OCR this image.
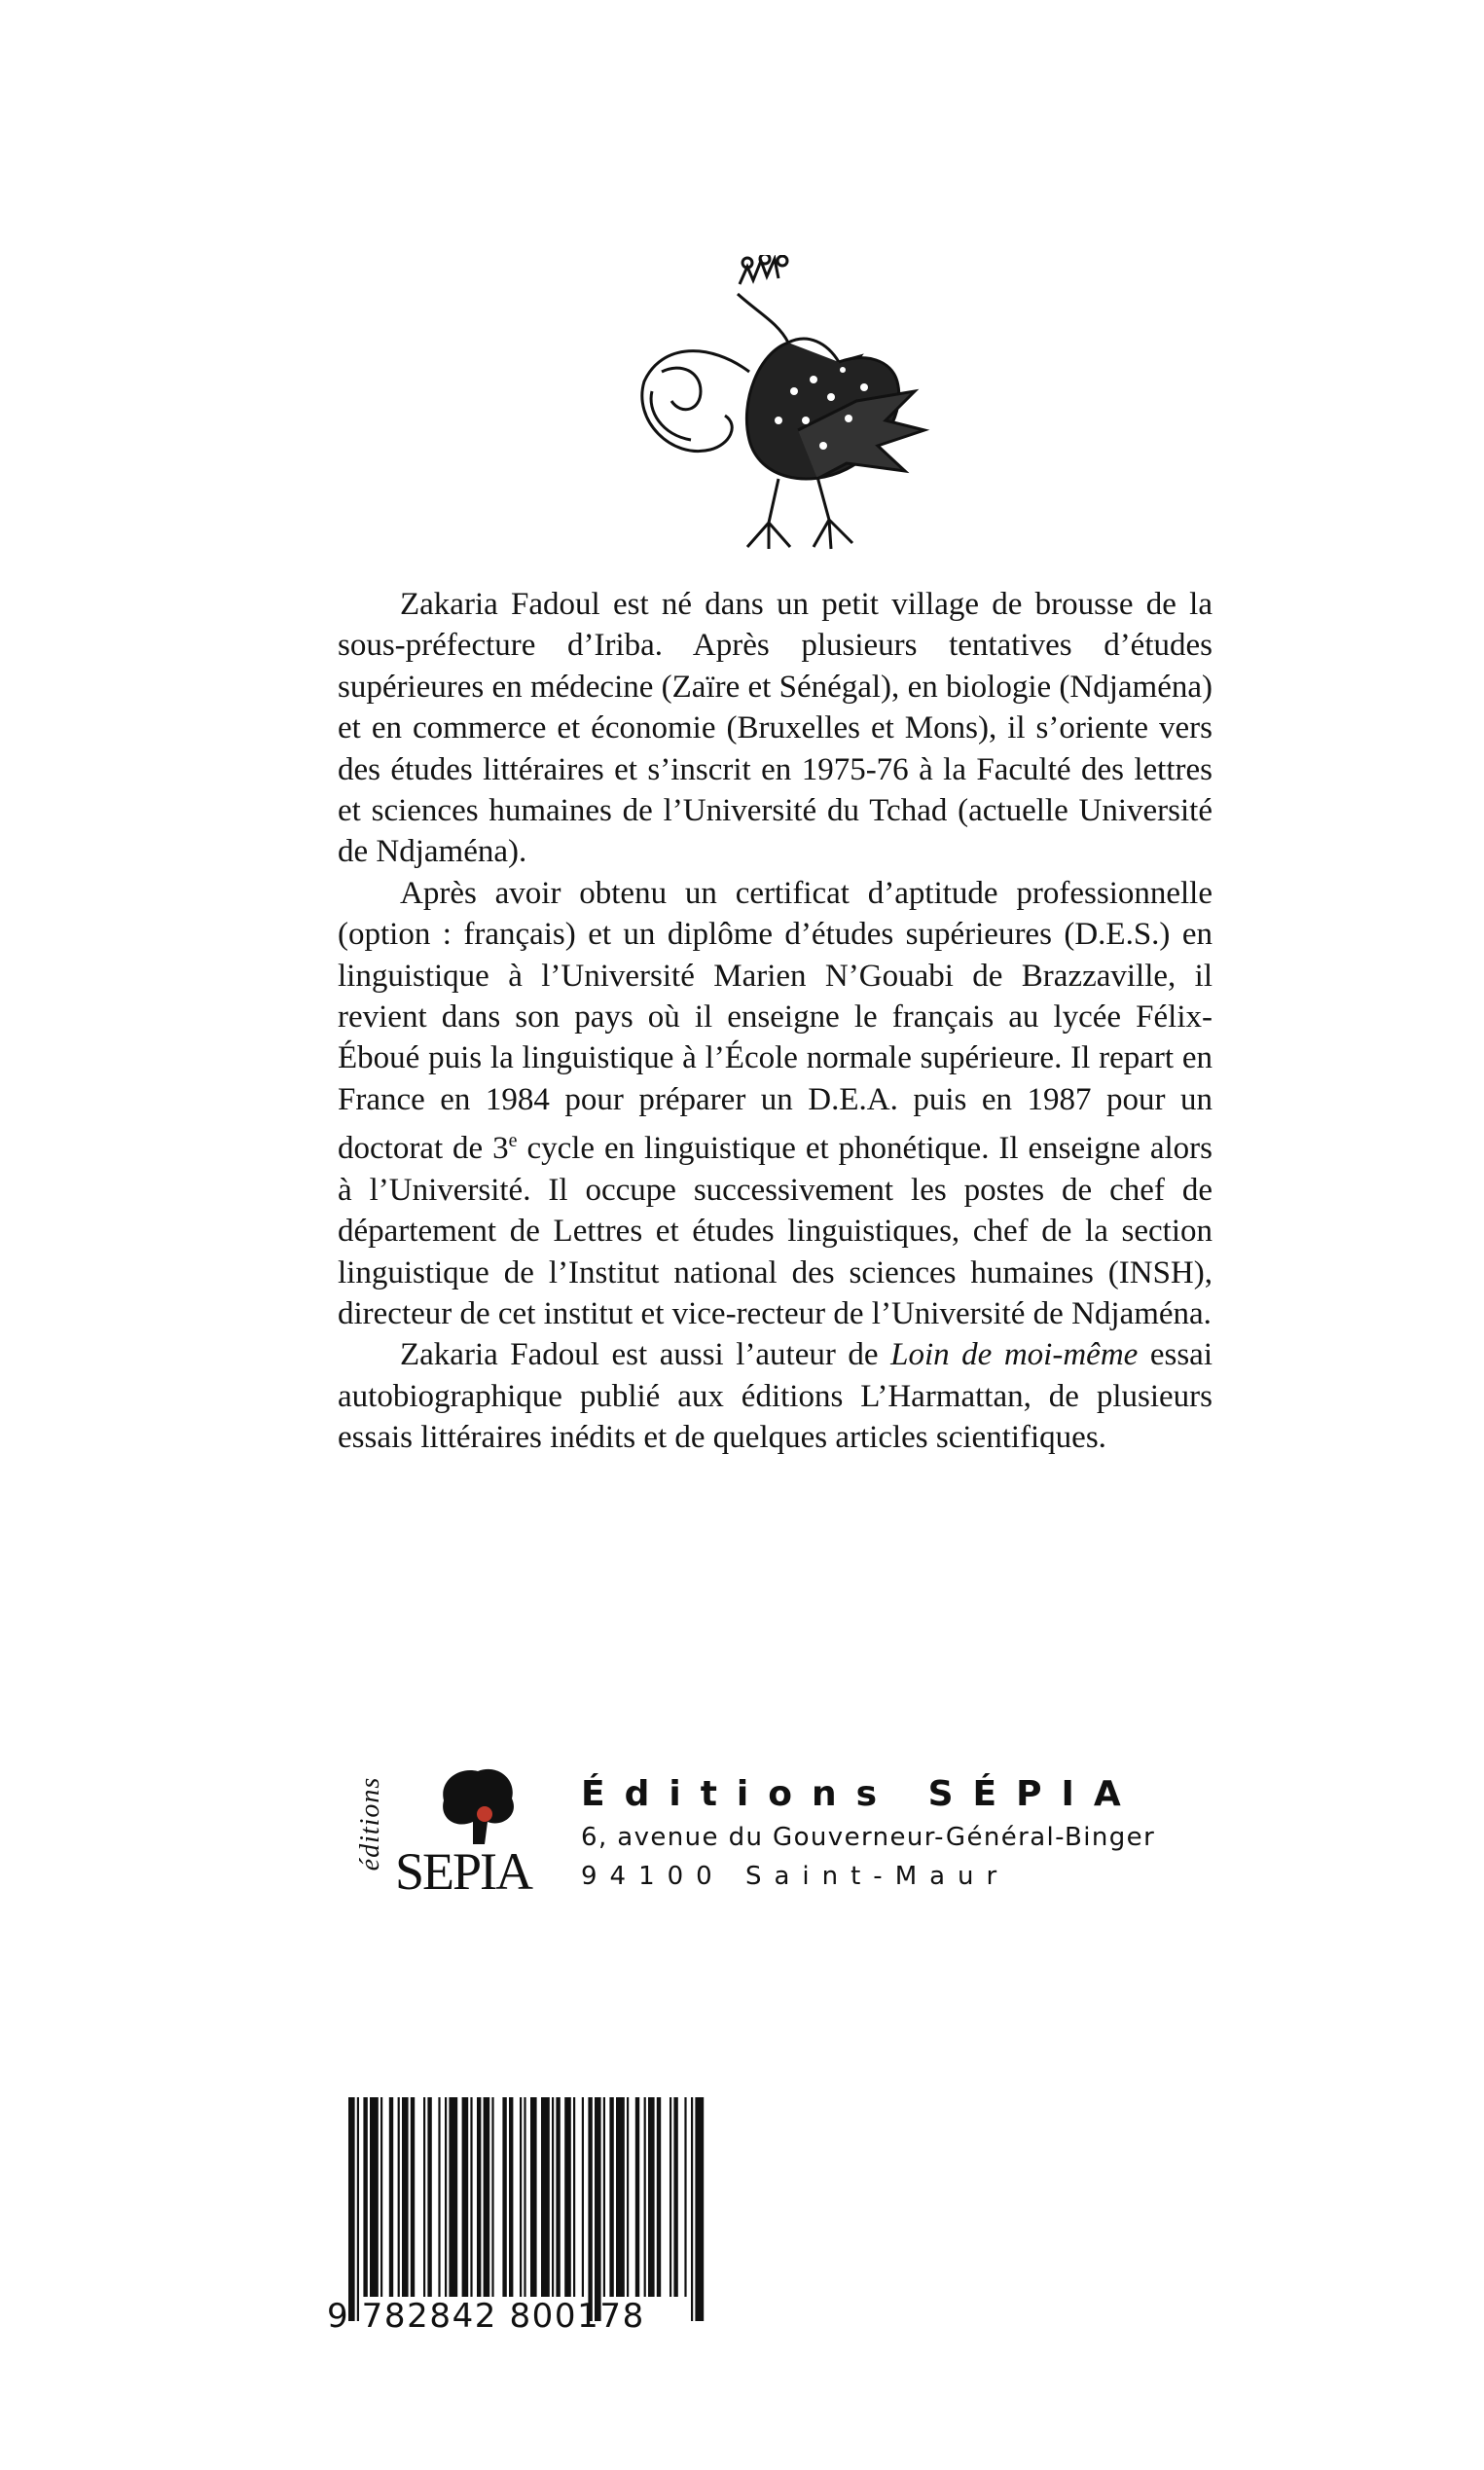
Zakaria Fadoul est né dans un petit village de brousse de la sous-préfecture d’Iriba. Après plusieurs tentatives d’études supérieures en médecine (Zaïre et Sénégal), en biologie (Ndjaména) et en commerce et économie (Bruxelles et Mons), il s’oriente vers des études littéraires et s’inscrit en 1975-76 à la Faculté des lettres et sciences humaines de l’Université du Tchad (actuelle Université de Ndjaména).

Après avoir obtenu un certificat d’aptitude professionnelle (option : français) et un diplôme d’études supérieures (D.E.S.) en linguistique à l’Université Marien N’Gouabi de Brazzaville, il revient dans son pays où il enseigne le français au lycée Félix-Éboué puis la linguistique à l’École normale supérieure. Il repart en France en 1984 pour préparer un D.E.A. puis en 1987 pour un doctorat de 3e cycle en linguistique et phonétique. Il enseigne alors à l’Université. Il occupe successivement les postes de chef de département de Lettres et études linguistiques, chef de la section linguistique de l’Institut national des sciences humaines (INSH), directeur de cet institut et vice-recteur de l’Université de Ndjaména.

Zakaria Fadoul est aussi l’auteur de Loin de moi-même essai autobiographique publié aux éditions L’Harmattan, de plusieurs essais littéraires inédits et de quelques articles scientifiques.

éditions
SEPIA
Éditions SÉPIA
6, avenue du Gouverneur-Général-Binger
94100 Saint-Maur
9 782842 800178
